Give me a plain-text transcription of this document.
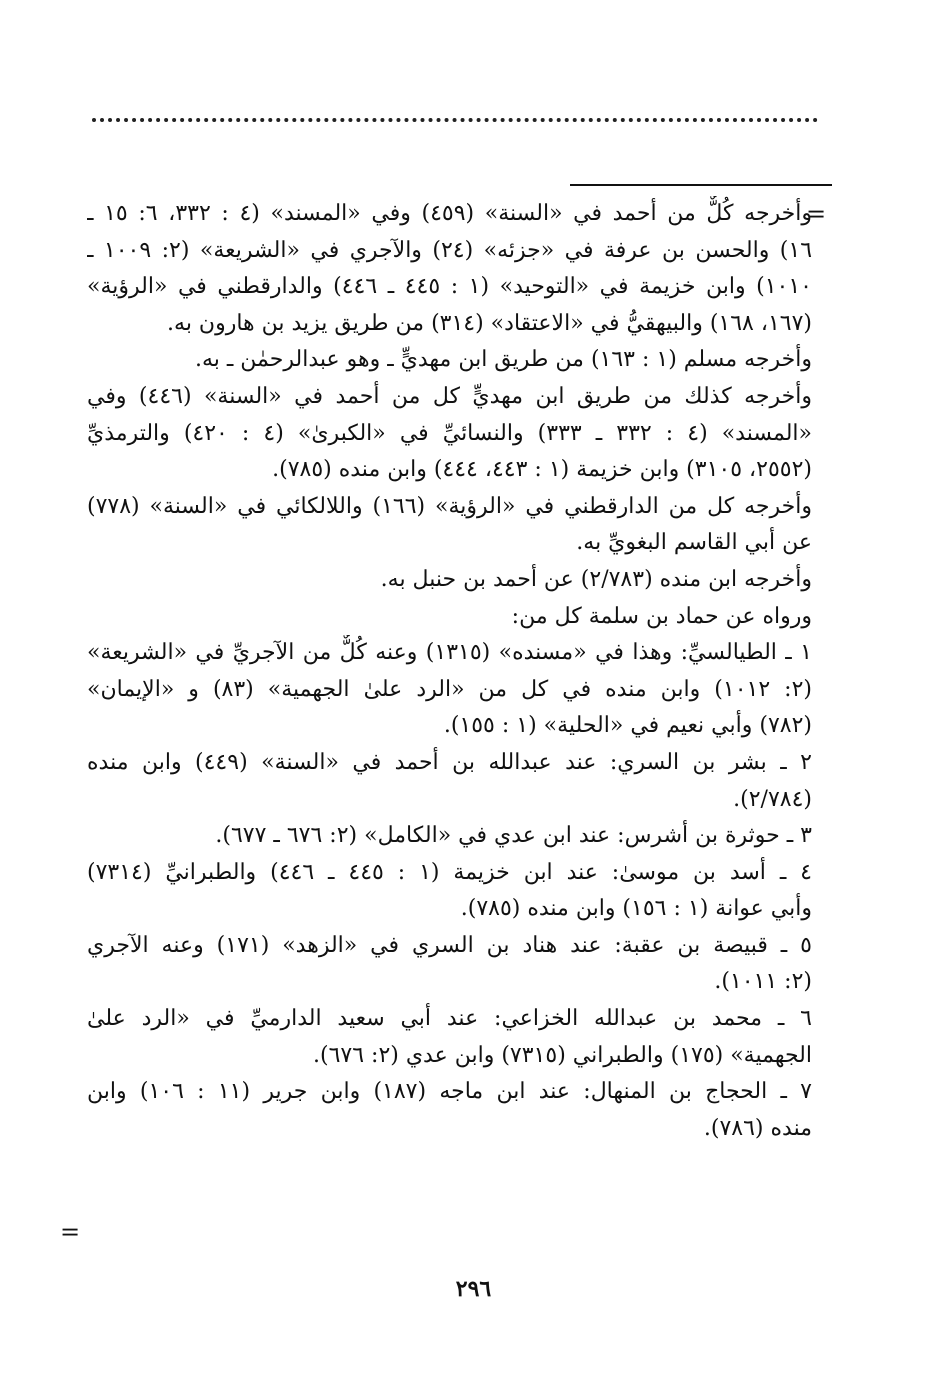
=
وأخرجه كُلٌّ من أحمد في «السنة» (٤٥٩) وفي «المسند» (٤ : ٣٣٢، ٦: ١٥ ـ
١٦) والحسن بن عرفة في «جزئه» (٢٤) والآجري في «الشريعة» (٢: ١٠٠٩ ـ
١٠١٠) وابن خزيمة في «التوحيد» (١ : ٤٤٥ ـ ٤٤٦) والدارقطني في «الرؤية»
(١٦٧، ١٦٨) والبيهقيُّ في «الاعتقاد» (٣١٤) من طريق يزيد بن هارون به.
وأخرجه مسلم (١ : ١٦٣) من طريق ابن مهديٍّ ـ وهو عبدالرحمٰن ـ به.
وأخرجه كذلك من طريق ابن مهديٍّ كل من أحمد في «السنة» (٤٤٦) وفي
«المسند» (٤ : ٣٣٢ ـ ٣٣٣) والنسائيِّ في «الكبرىٰ» (٤ : ٤٢٠) والترمذيِّ
(٢٥٥٢، ٣١٠٥) وابن خزيمة (١ : ٤٤٣، ٤٤٤) وابن منده (٧٨٥).
وأخرجه كل من الدارقطني في «الرؤية» (١٦٦) واللالكائي في «السنة» (٧٧٨)
عن أبي القاسم البغويِّ به.
وأخرجه ابن منده (٢/٧٨٣) عن أحمد بن حنبل به.
ورواه عن حماد بن سلمة كل من:
١ ـ الطيالسيِّ: وهذا في «مسنده» (١٣١٥) وعنه كُلٌّ من الآجريِّ في «الشريعة»
(٢: ١٠١٢) وابن منده في كل من «الرد علىٰ الجهمية» (٨٣) و «الإيمان»
(٧٨٢) وأبي نعيم في «الحلية» (١ : ١٥٥).
٢ ـ بشر بن السري: عند عبدالله بن أحمد في «السنة» (٤٤٩) وابن منده
(٢/٧٨٤).
٣ ـ حوثرة بن أشرس: عند ابن عدي في «الكامل» (٢: ٦٧٦ ـ ٦٧٧).
٤ ـ أسد بن موسىٰ: عند ابن خزيمة (١ : ٤٤٥ ـ ٤٤٦) والطبرانيِّ (٧٣١٤)
وأبي عوانة (١ : ١٥٦) وابن منده (٧٨٥).
٥ ـ قبيصة بن عقبة: عند هناد بن السري في «الزهد» (١٧١) وعنه الآجري
(٢: ١٠١١).
٦ ـ محمد بن عبدالله الخزاعي: عند أبي سعيد الدارميِّ في «الرد علىٰ
الجهمية» (١٧٥) والطبراني (٧٣١٥) وابن عدي (٢: ٦٧٦).
٧ ـ الحجاج بن المنهال: عند ابن ماجه (١٨٧) وابن جرير (١١ : ١٠٦) وابن
منده (٧٨٦).
=
٢٩٦
